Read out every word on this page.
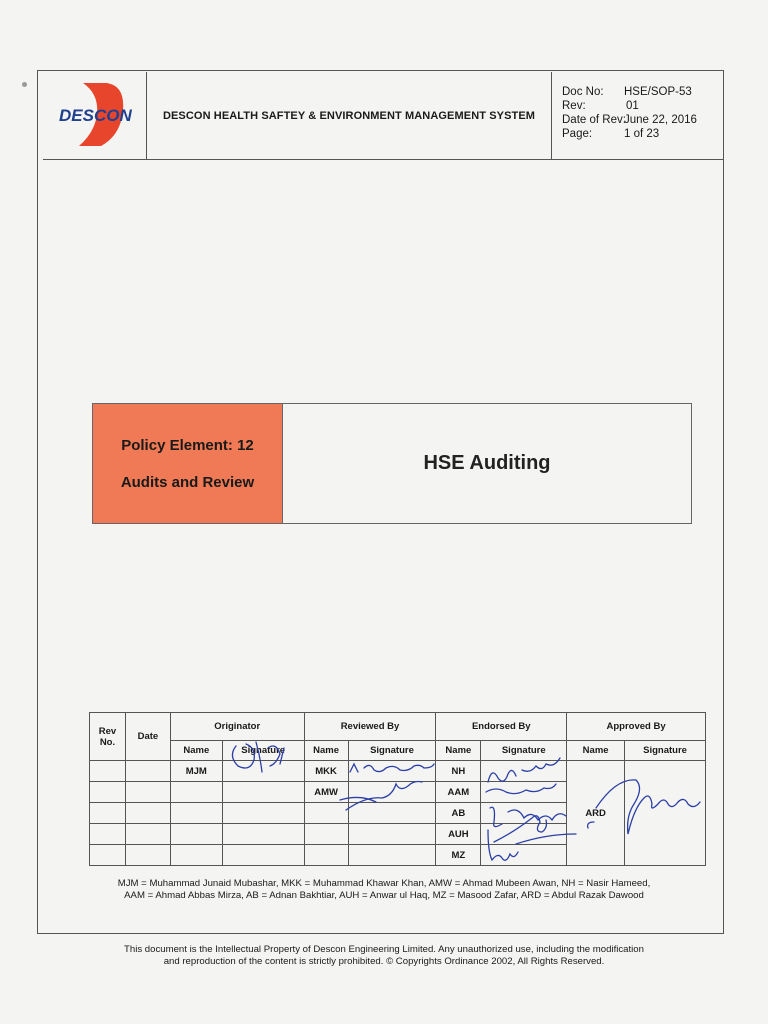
DESCON	DESCON HEALTH SAFTEY & ENVIRONMENT MANAGEMENT SYSTEM
Doc No:	HSE/SOP-53
Rev:	01
Date of Rev:
June 22, 2016
Page:	1 of 23
Policy Element: 12
Audits and Review
HSE Auditing
Rev No.	Date	Originator		Reviewed By		Endorsed By		Approved By	
		Name	Signature	Name	Signature	Name	Signature	Name	Signature
		MJM		MKK		NH		ARD	
				AMW		AAM			
						AB			
						AUH			
						MZ			
MJM = Muhammad Junaid Mubashar, MKK = Muhammad Khawar Khan, AMW = Ahmad Mubeen Awan, NH = Nasir Hameed,
AAM = Ahmad Abbas Mirza, AB = Adnan Bakhtiar, AUH = Anwar ul Haq, MZ = Masood Zafar, ARD = Abdul Razak Dawood
This document is the Intellectual Property of Descon Engineering Limited. Any unauthorized use, including the modification
and reproduction of the content is strictly prohibited. © Copyrights Ordinance 2002, All Rights Reserved.
